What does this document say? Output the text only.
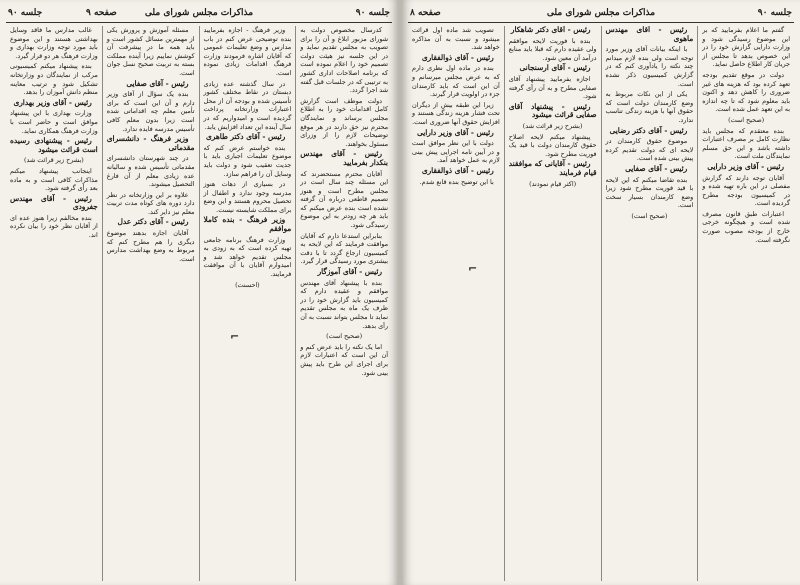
جلسه ۹۰
مذاکرات مجلس شورای ملی
صفحه ۹
جلسه ۹۰

کدرسال مخصوص دولت به شورای مزبور ابلاغ و آن را برای تصویب به مجلس تقدیم نماید و در این جلسه نیز هیئت دولت تصمیم خود را اعلام نموده است که برنامه اصلاحات اداری کشور به ترتیبی که در جلسات قبل گفته شد اجرا گردد.

دولت موظف است گزارش کامل اقدامات خود را به اطلاع مجلس برساند و نمایندگان محترم نیز حق دارند در هر موقع توضیحات لازم را از وزرای مسئول بخواهند.

رئیس - آقای مهندس بنکدار بفرمایید

آقایان محترم مستحضرند که این مسئله چند سال است در مجلس مطرح است و هنوز تصمیم قاطعی درباره آن گرفته نشده است بنده عرض میکنم که باید هر چه زودتر به این موضوع رسیدگی شود.

بنابراین استدعا دارم که آقایان موافقت فرمایند که این لایحه به کمیسیون ارجاع گردد تا با دقت بیشتری مورد رسیدگی قرار گیرد.

رئیس - آقای آموزگار

بنده با پیشنهاد آقای مهندس موافقم و عقیده دارم که کمیسیون باید گزارش خود را در ظرف یک ماه به مجلس تقدیم نماید تا مجلس بتواند نسبت به آن رأی بدهد.

(صحیح است)

اما یک نکته را باید عرض کنم و آن این است که اعتبارات لازم برای اجرای این طرح باید پیش بینی شود.

وزیر فرهنگ - اجازه بفرمایید بنده توضیحی عرض کنم در باب مدارس و وضع تعلیمات عمومی که آقایان اشاره فرمودند وزارت فرهنگ اقدامات زیادی نموده است.

در سال گذشته عده زیادی دبستان در نقاط مختلف کشور تأسیس شده و بودجه آن از محل اعتبارات وزارتخانه پرداخت گردیده است و امیدواریم که در سال آینده این تعداد افزایش یابد.

رئیس - آقای دکتر طاهری

بنده خواستم عرض کنم که موضوع تعلیمات اجباری باید با جدیت تعقیب شود و دولت باید وسایل آن را فراهم سازد.

در بسیاری از دهات هنوز مدرسه وجود ندارد و اطفال از تحصیل محروم هستند و این وضع برای مملکت شایسته نیست.

وزیر فرهنگ - بنده کاملا موافقم

وزارت فرهنگ برنامه جامعی تهیه کرده است که به زودی به مجلس تقدیم خواهد شد و امیدوارم آقایان با آن موافقت فرمایند.

(احسنت)

مسئله آموزش و پرورش یکی از مهمترین مسائل کشور است و باید همه ما در پیشرفت آن کوشش نماییم زیرا آینده مملکت بسته به تربیت صحیح نسل جوان است.

رئیس - آقای صفایی

بنده یک سؤال از آقای وزیر دارم و آن این است که برای تأمین معلم چه اقداماتی شده است زیرا بدون معلم کافی تأسیس مدرسه فایده ندارد.

وزیر فرهنگ - دانشسرای مقدماتی

در چند شهرستان دانشسرای مقدماتی تأسیس شده و سالیانه عده زیادی معلم از آن فارغ التحصیل میشوند.

علاوه بر این وزارتخانه در نظر دارد دوره های کوتاه مدت تربیت معلم نیز دایر کند.

رئیس - آقای دکتر عدل

آقایان اجازه بدهند موضوع دیگری را هم مطرح کنم که مربوط به وضع بهداشت مدارس است.

غالب مدارس ما فاقد وسایل بهداشتی هستند و این موضوع باید مورد توجه وزارت بهداری و وزارت فرهنگ هر دو قرار گیرد.

بنده پیشنهاد میکنم کمیسیونی مرکب از نمایندگان دو وزارتخانه تشکیل شود و ترتیب معاینه منظم دانش آموزان را بدهد.

رئیس - آقای وزیر بهداری

وزارت بهداری با این پیشنهاد موافق است و حاضر است با وزارت فرهنگ همکاری نماید.

رئیس - پیشنهادی رسیده است قرائت میشود

(بشرح زیر قرائت شد)

اینجانب پیشنهاد میکنم مذاکرات کافی است و به ماده بعد رأی گرفته شود.

رئیس - آقای مهندس جفرودی

بنده مخالفم زیرا هنوز عده ای از آقایان نظر خود را بیان نکرده اند.

جلسه ۹۰
مذاکرات مجلس شورای ملی
صفحه ۸

گفتم ما اعلام بفرمایید که بر این موضوع رسیدگی شود و وزارت دارایی گزارش خود را در این خصوص بدهد تا مجلس از جریان کار اطلاع حاصل نماید.

دولت در موقع تقدیم بودجه تعهد کرده بود که هزینه های غیر ضروری را کاهش دهد و اکنون باید معلوم شود که تا چه اندازه به این تعهد عمل شده است.

(صحیح است)

بنده معتقدم که مجلس باید نظارت کامل بر مصرف اعتبارات داشته باشد و این حق مسلم نمایندگان ملت است.

رئیس - آقای وزیر دارایی

آقایان توجه دارند که گزارش مفصلی در این باره تهیه شده و در کمیسیون بودجه مطرح گردیده است.

اعتبارات طبق قانون مصرف شده است و هیچگونه خرجی خارج از بودجه مصوب صورت نگرفته است.

رئیس - آقای مهندس ماهوی

با اینکه بیانات آقای وزیر مورد توجه است ولی بنده لازم میدانم چند نکته را یادآوری کنم که در گزارش کمیسیون ذکر نشده است.

یکی از این نکات مربوط به وضع کارمندان دولت است که حقوق آنها با هزینه زندگی تناسب ندارد.

رئیس - آقای دکتر رضایی

موضوع حقوق کارمندان در لایحه ای که دولت تقدیم کرده پیش بینی شده است.

رئیس - آقای صفایی

بنده تقاضا میکنم که این لایحه با قید فوریت مطرح شود زیرا وضع کارمندان بسیار سخت است.

(صحیح است)

رئیس - آقای دکتر شاهکار

بنده با فوریت لایحه موافقم ولی عقیده دارم که قبلا باید منابع درآمد آن معین شود.

رئیس - آقای ارسنجانی

اجازه بفرمایید پیشنهاد آقای صفایی مطرح و به آن رأی گرفته شود.

رئیس - پیشنهاد آقای صفایی قرائت میشود

(بشرح زیر قرائت شد)

پیشنهاد میکنم لایحه اصلاح حقوق کارمندان دولت با قید یک فوریت مطرح شود.

رئیس - آقایانی که موافقند قیام فرمایند

(اکثر قیام نمودند)

تصویب شد ماده اول قرائت میشود و نسبت به آن مذاکره خواهد شد.

رئیس - آقای ذوالفقاری

بنده در ماده اول نظری دارم که به عرض مجلس میرسانم و آن این است که باید کارمندان جزء در اولویت قرار گیرند.

زیرا این طبقه بیش از دیگران تحت فشار هزینه زندگی هستند و افزایش حقوق آنها ضروری است.

رئیس - آقای وزیر دارایی

دولت با این نظر موافق است و در آیین نامه اجرایی پیش بینی لازم به عمل خواهد آمد.

رئیس - آقای ذوالفقاری

با این توضیح بنده قانع شدم.

⌐
⌐
